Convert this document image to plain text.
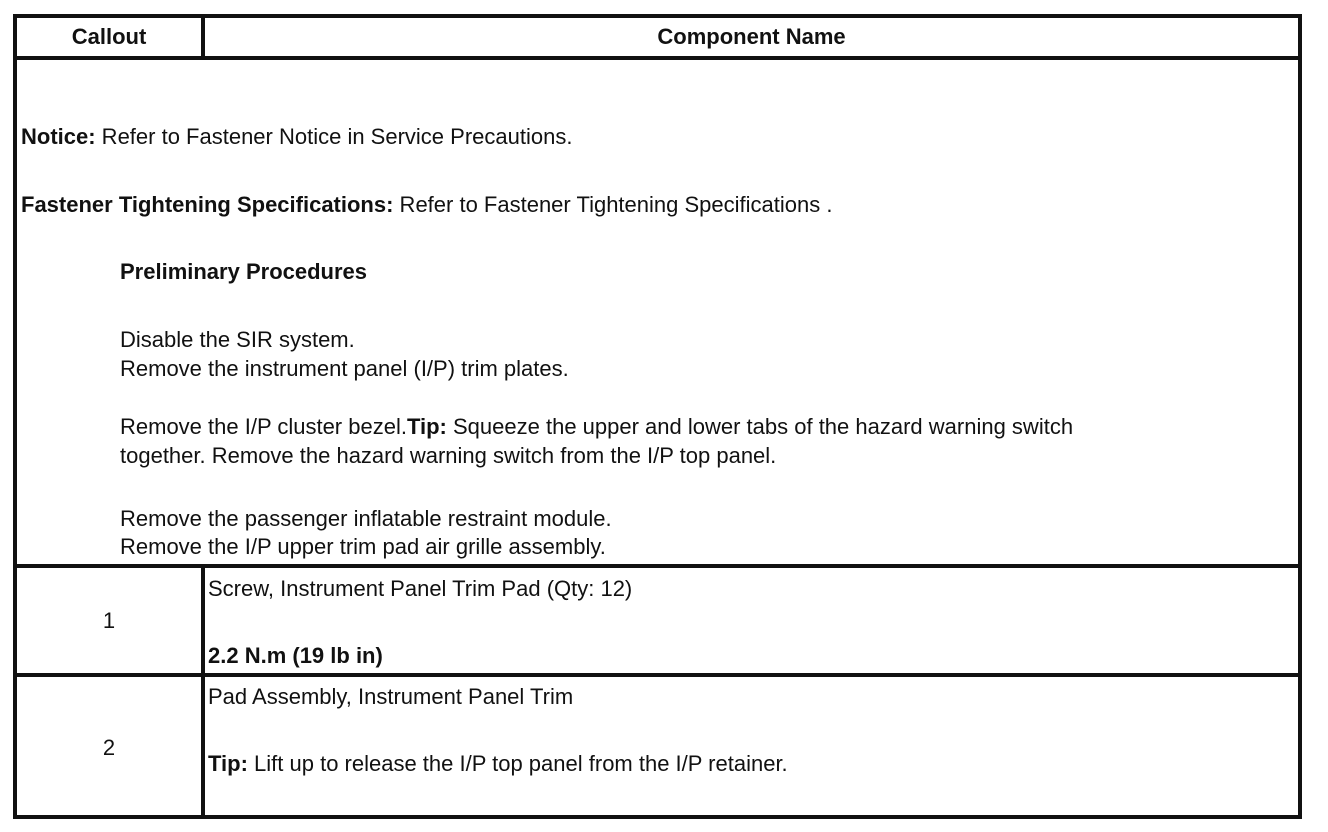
Callout	Component Name
Notice: Refer to Fastener Notice in Service Precautions.
Fastener Tightening Specifications: Refer to Fastener Tightening Specifications .
Preliminary Procedures
Disable the SIR system.
Remove the instrument panel (I/P) trim plates.
Remove the I/P cluster bezel.Tip: Squeeze the upper and lower tabs of the hazard warning switch
together. Remove the hazard warning switch from the I/P top panel.
Remove the passenger inflatable restraint module.
Remove the I/P upper trim pad air grille assembly.
1
Screw, Instrument Panel Trim Pad (Qty: 12)
2.2 N.m (19 lb in)
2
Pad Assembly, Instrument Panel Trim
Tip: Lift up to release the I/P top panel from the I/P retainer.
